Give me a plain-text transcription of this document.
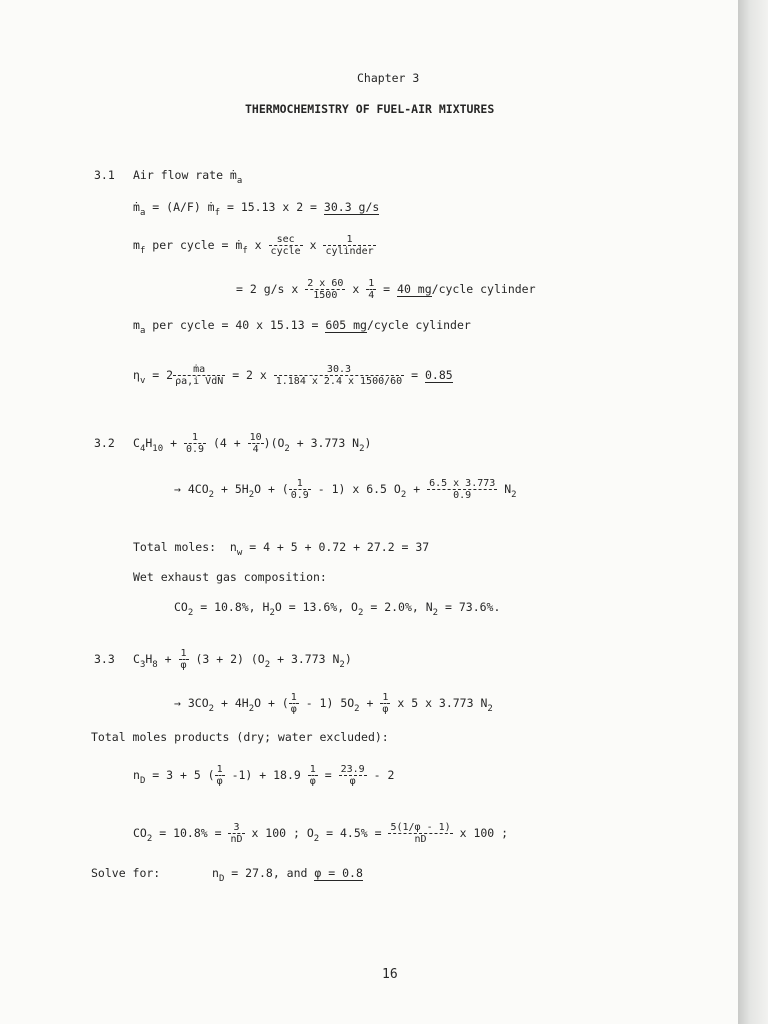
Chapter 3
THERMOCHEMISTRY OF FUEL-AIR MIXTURES
3.1 Air flow rate ṁ$_a$
ṁ$_a$ = (A/F) ṁ$_f$ = 15.13 x 2 = 30.3 g/s
$m_f$ per cycle = ṁ$_f$ x $\frac{\sec}{\text{cycle}}$ x $\frac{1}{\text{cylinder}}$
= 2 g/s x $\frac{2 x 60}{1500}$ x $\frac{1}{4} = 40$ mg/cycle cylinder
$m_a$ per cycle = 40 x 15.13 = 605 mg/cycle cylinder
$\eta_v = 2 \frac{\text{ṁa}}{\text{ρa,i VdN}} = 2$ x $\frac{30.3}{1.184 x 2.4 x 1500/60} = 0.85$
3.2 $C_4H_{10} + \frac{1}{0.9} (4 + \frac{10}{4} )(O_2 + 3.773$ $N_2$)
→ $4CO_2 + 5H_2O$ + ( $\frac{1}{0.9} - 1$) x 6.5 $O_2 + \frac{6.5 x 3.773}{0.9} N_2$
Total moles:  $n_w = 4 + 5 + 0.72 + 27.2 = 37$
Wet exhaust gas composition:
$CO_2 = 10.8\%$, $H_2O = 13.6\%$, $O_2 = 2.0\%$, $N_2 = 73.6\%$.
3.3 $C_3H_8 + \frac{1}{\varphi} (3 + 2) (O_2 + 3.773$ $N_2$)
→ $3CO_2 + 4H_2O$ + ( $\frac{1}{\varphi} - 1$) $5O_2 + \frac{1}{\varphi}$ x 5 x 3.773 $N_2$
Total moles products (dry; water excluded):
$n_D = 3 + 5$ ( $\frac{1}{\varphi} -1) + 18.9 \frac{1}{\varphi} = \frac{23.9}{\varphi} - 2$
$CO_2 = 10.8\% = \frac{3}{nD}$ x 100 ; $O_2 = 4.5\% = \frac{5(1/\varphi - 1)}{nD}$ x 100 ;
Solve for:	$n_D = 27.8$, and φ = 0.8
16
